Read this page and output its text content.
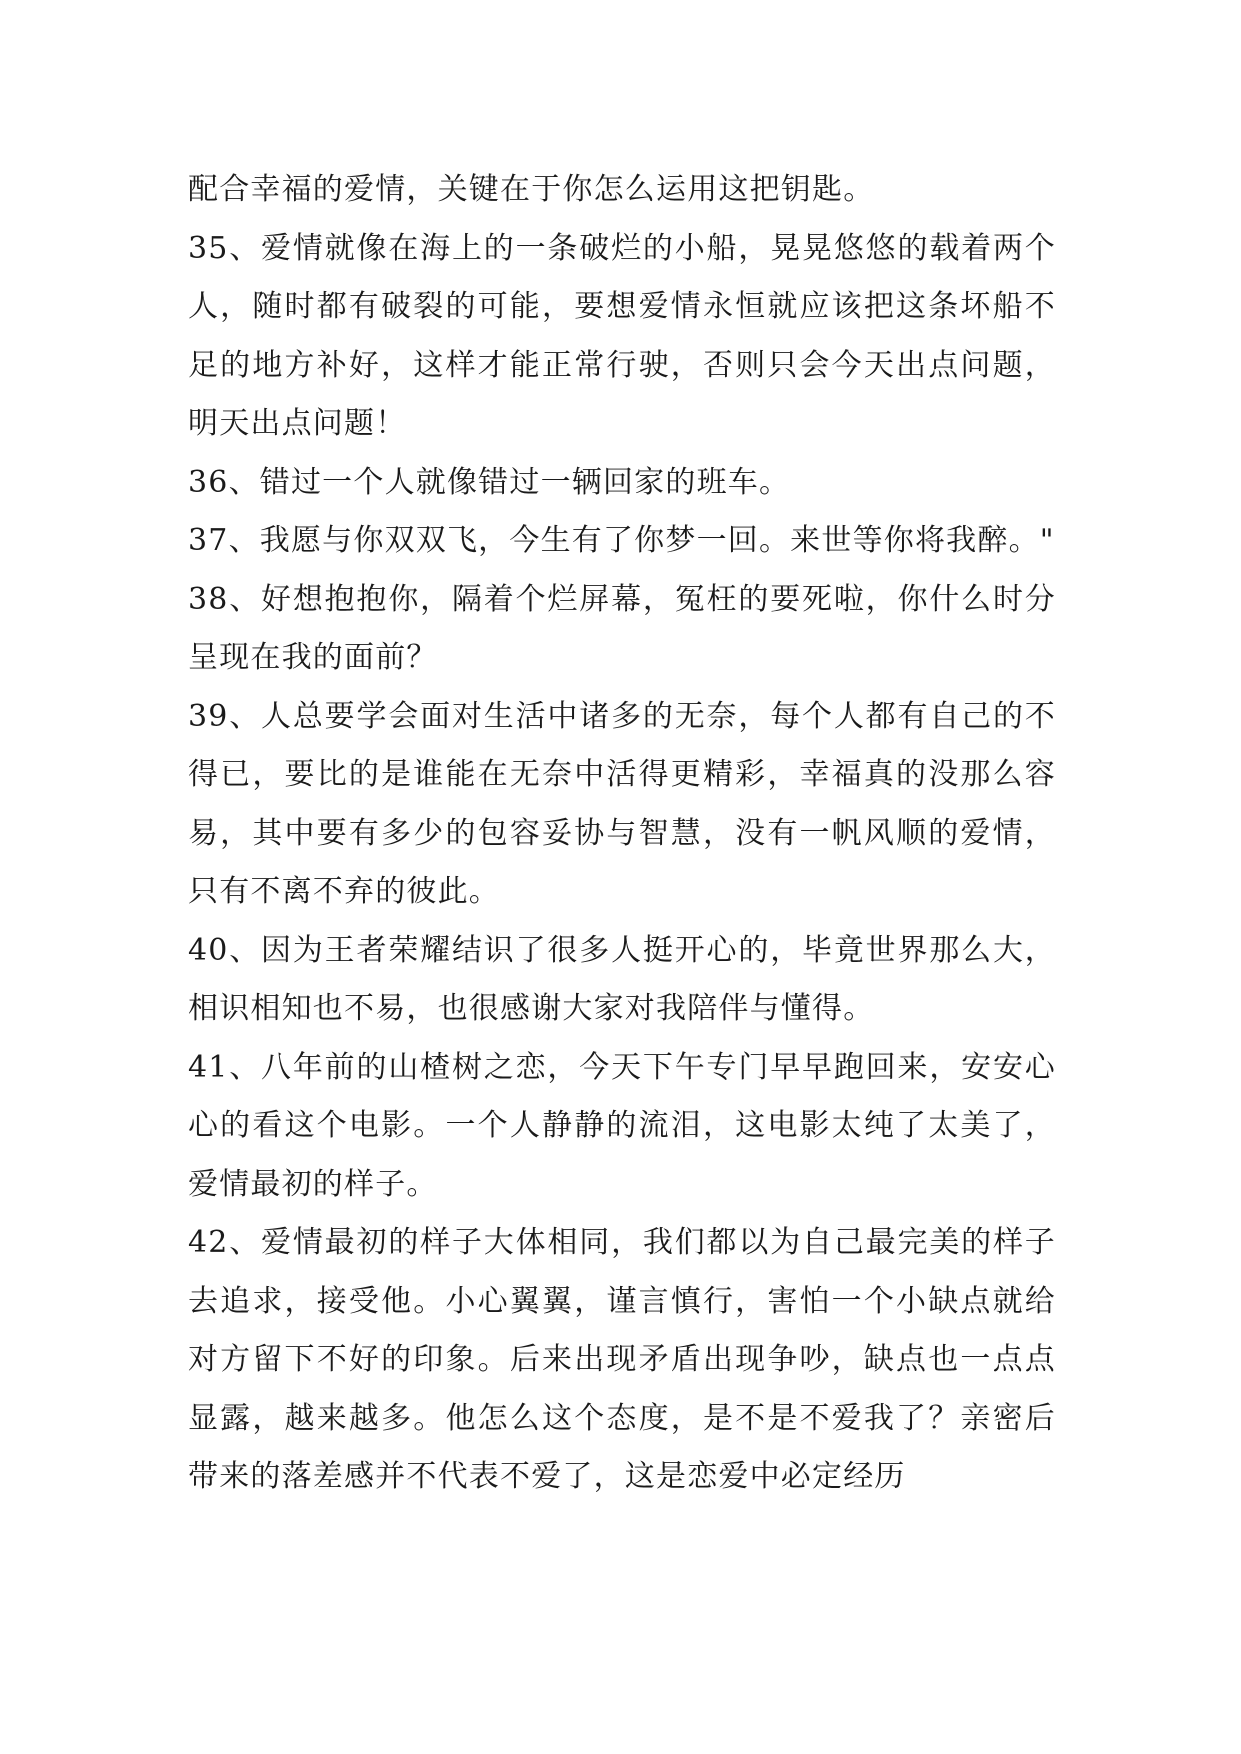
配合幸福的爱情，关键在于你怎么运用这把钥匙。

35、爱情就像在海上的一条破烂的小船，晃晃悠悠的载着两个人，随时都有破裂的可能，要想爱情永恒就应该把这条坏船不足的地方补好，这样才能正常行驶，否则只会今天出点问题，明天出点问题！

36、错过一个人就像错过一辆回家的班车。

37、我愿与你双双飞，今生有了你梦一回。来世等你将我醉。"

38、好想抱抱你，隔着个烂屏幕，冤枉的要死啦，你什么时分呈现在我的面前？

39、人总要学会面对生活中诸多的无奈，每个人都有自己的不得已，要比的是谁能在无奈中活得更精彩，幸福真的没那么容易，其中要有多少的包容妥协与智慧，没有一帆风顺的爱情，只有不离不弃的彼此。

40、因为王者荣耀结识了很多人挺开心的，毕竟世界那么大，相识相知也不易，也很感谢大家对我陪伴与懂得。

41、八年前的山楂树之恋，今天下午专门早早跑回来，安安心心的看这个电影。一个人静静的流泪，这电影太纯了太美了，爱情最初的样子。

42、爱情最初的样子大体相同，我们都以为自己最完美的样子去追求，接受他。小心翼翼，谨言慎行，害怕一个小缺点就给对方留下不好的印象。后来出现矛盾出现争吵，缺点也一点点显露，越来越多。他怎么这个态度，是不是不爱我了？亲密后带来的落差感并不代表不爱了，这是恋爱中必定经历
